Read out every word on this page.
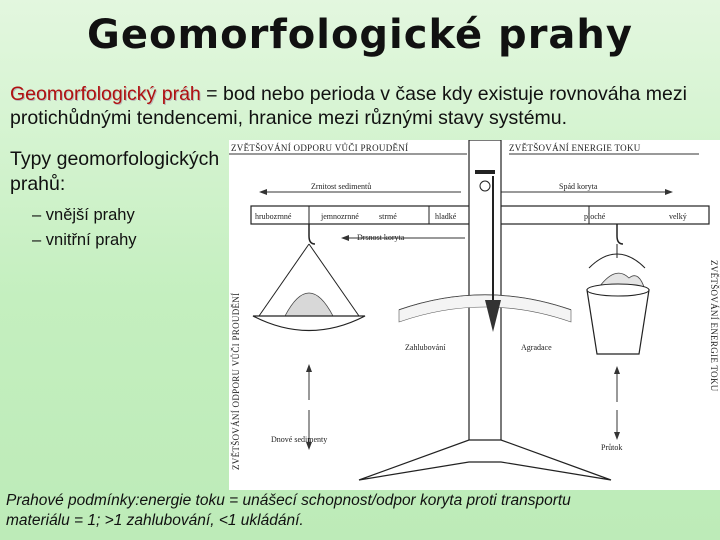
Geomorfologické prahy
Geomorfologický práh = bod nebo perioda v čase kdy existuje rovnováha mezi protichůdnými tendencemi, hranice mezi různými stavy systému.
Typy geomorfologických prahů:
– vnější prahy
– vnitřní prahy
ZVĚTŠOVÁNÍ ODPORU VŮČI PROUDĚNÍ	ZVĚTŠOVÁNÍ ENERGIE TOKU
ZVĚTŠOVÁNÍ ODPORU VŮČI PROUDĚNÍ	ZVĚTŠOVÁNÍ ENERGIE TOKU
Zrnitost sedimentů	Spád koryta
hrubozrnné	jemnozrnné	strmé	hladké	ploché	velký
Drsnost koryta
Zahlubování	Agradace
Dnové sedimenty
Průtok
Prahové podmínky:energie toku = unášecí schopnost/odpor koryta proti transportu materiálu = 1; >1 zahlubování, <1 ukládání.
